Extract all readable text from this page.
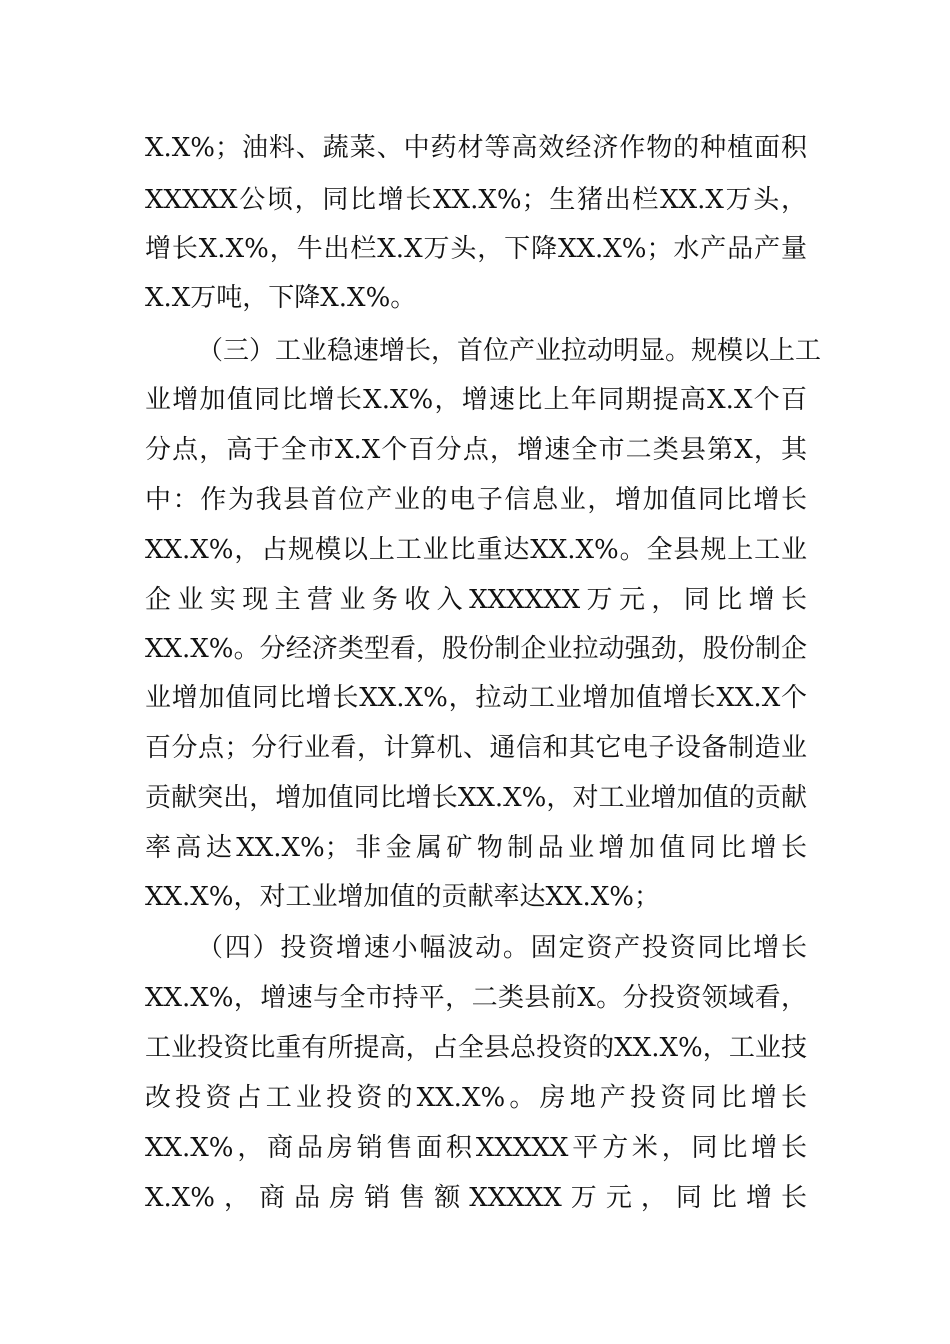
X.X%；油料、蔬菜、中药材等高效经济作物的种植面积
XXXXX公顷，同比增长XX.X%；生猪出栏XX.X万头，
增长X.X%，牛出栏X.X万头，下降XX.X%；水产品产量
X.X万吨，下降X.X%。
（三）工业稳速增长，首位产业拉动明显。规模以上工
业增加值同比增长X.X%，增速比上年同期提高X.X个百
分点，高于全市X.X个百分点，增速全市二类县第X，其
中：作为我县首位产业的电子信息业，增加值同比增长
XX.X%，占规模以上工业比重达XX.X%。全县规上工业
企业实现主营业务收入XXXXXX万元，同比增长
XX.X%。分经济类型看，股份制企业拉动强劲，股份制企
业增加值同比增长XX.X%，拉动工业增加值增长XX.X个
百分点；分行业看，计算机、通信和其它电子设备制造业
贡献突出，增加值同比增长XX.X%，对工业增加值的贡献
率高达XX.X%；非金属矿物制品业增加值同比增长
XX.X%，对工业增加值的贡献率达XX.X%；
（四）投资增速小幅波动。固定资产投资同比增长
XX.X%，增速与全市持平，二类县前X。分投资领域看，
工业投资比重有所提高，占全县总投资的XX.X%，工业技
改投资占工业投资的XX.X%。房地产投资同比增长
XX.X%，商品房销售面积XXXXX平方米，同比增长
X.X%，商品房销售额XXXXX万元，同比增长
